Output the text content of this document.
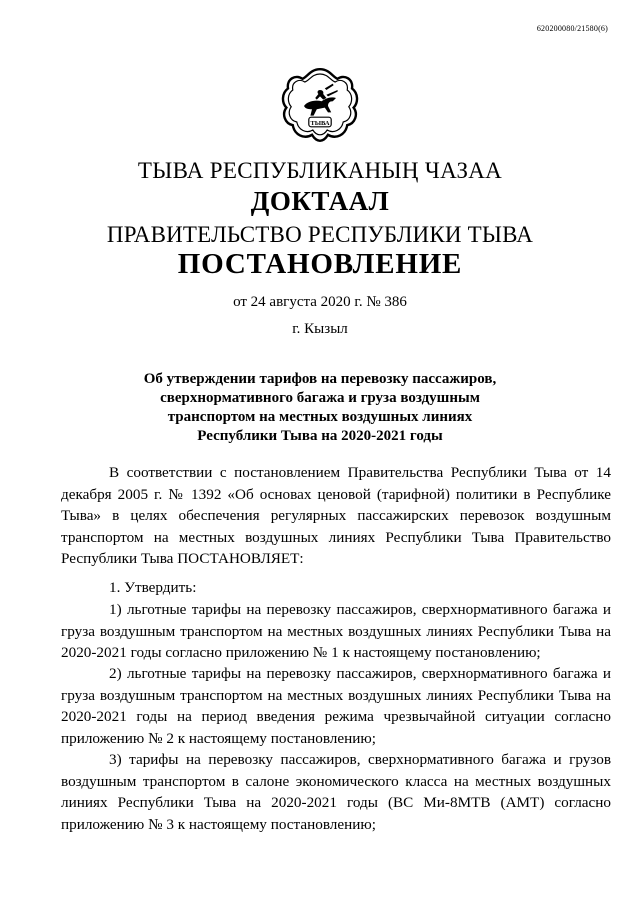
620200080/21580(6)
ТЫВА
ТЫВА РЕСПУБЛИКАНЫҢ ЧАЗАА
ДОКТААЛ
ПРАВИТЕЛЬСТВО РЕСПУБЛИКИ ТЫВА
ПОСТАНОВЛЕНИЕ
от 24 августа 2020 г. № 386
г. Кызыл
Об утверждении тарифов на перевозку пассажиров,
сверхнормативного багажа и груза воздушным
транспортом на местных воздушных линиях
Республики Тыва на 2020-2021 годы

В соответствии с постановлением Правительства Республики Тыва от 14 декабря 2005 г. № 1392 «Об основах ценовой (тарифной) политики в Республике Тыва» в целях обеспечения регулярных пассажирских перевозок воздушным транспортом на местных воздушных линиях Республики Тыва Правительство Республики Тыва ПОСТАНОВЛЯЕТ:

1. Утвердить:

1) льготные тарифы на перевозку пассажиров, сверхнормативного багажа и груза воздушным транспортом на местных воздушных линиях Республики Тыва на 2020-2021 годы согласно приложению № 1 к настоящему постановлению;

2) льготные тарифы на перевозку пассажиров, сверхнормативного багажа и груза воздушным транспортом на местных воздушных линиях Республики Тыва на 2020-2021 годы на период введения режима чрезвычайной ситуации согласно приложению № 2 к настоящему постановлению;

3) тарифы на перевозку пассажиров, сверхнормативного багажа и грузов воздушным транспортом в салоне экономического класса на местных воздушных линиях Республики Тыва на 2020-2021 годы (ВС Ми-8МТВ (АМТ) согласно приложению № 3 к настоящему постановлению;
